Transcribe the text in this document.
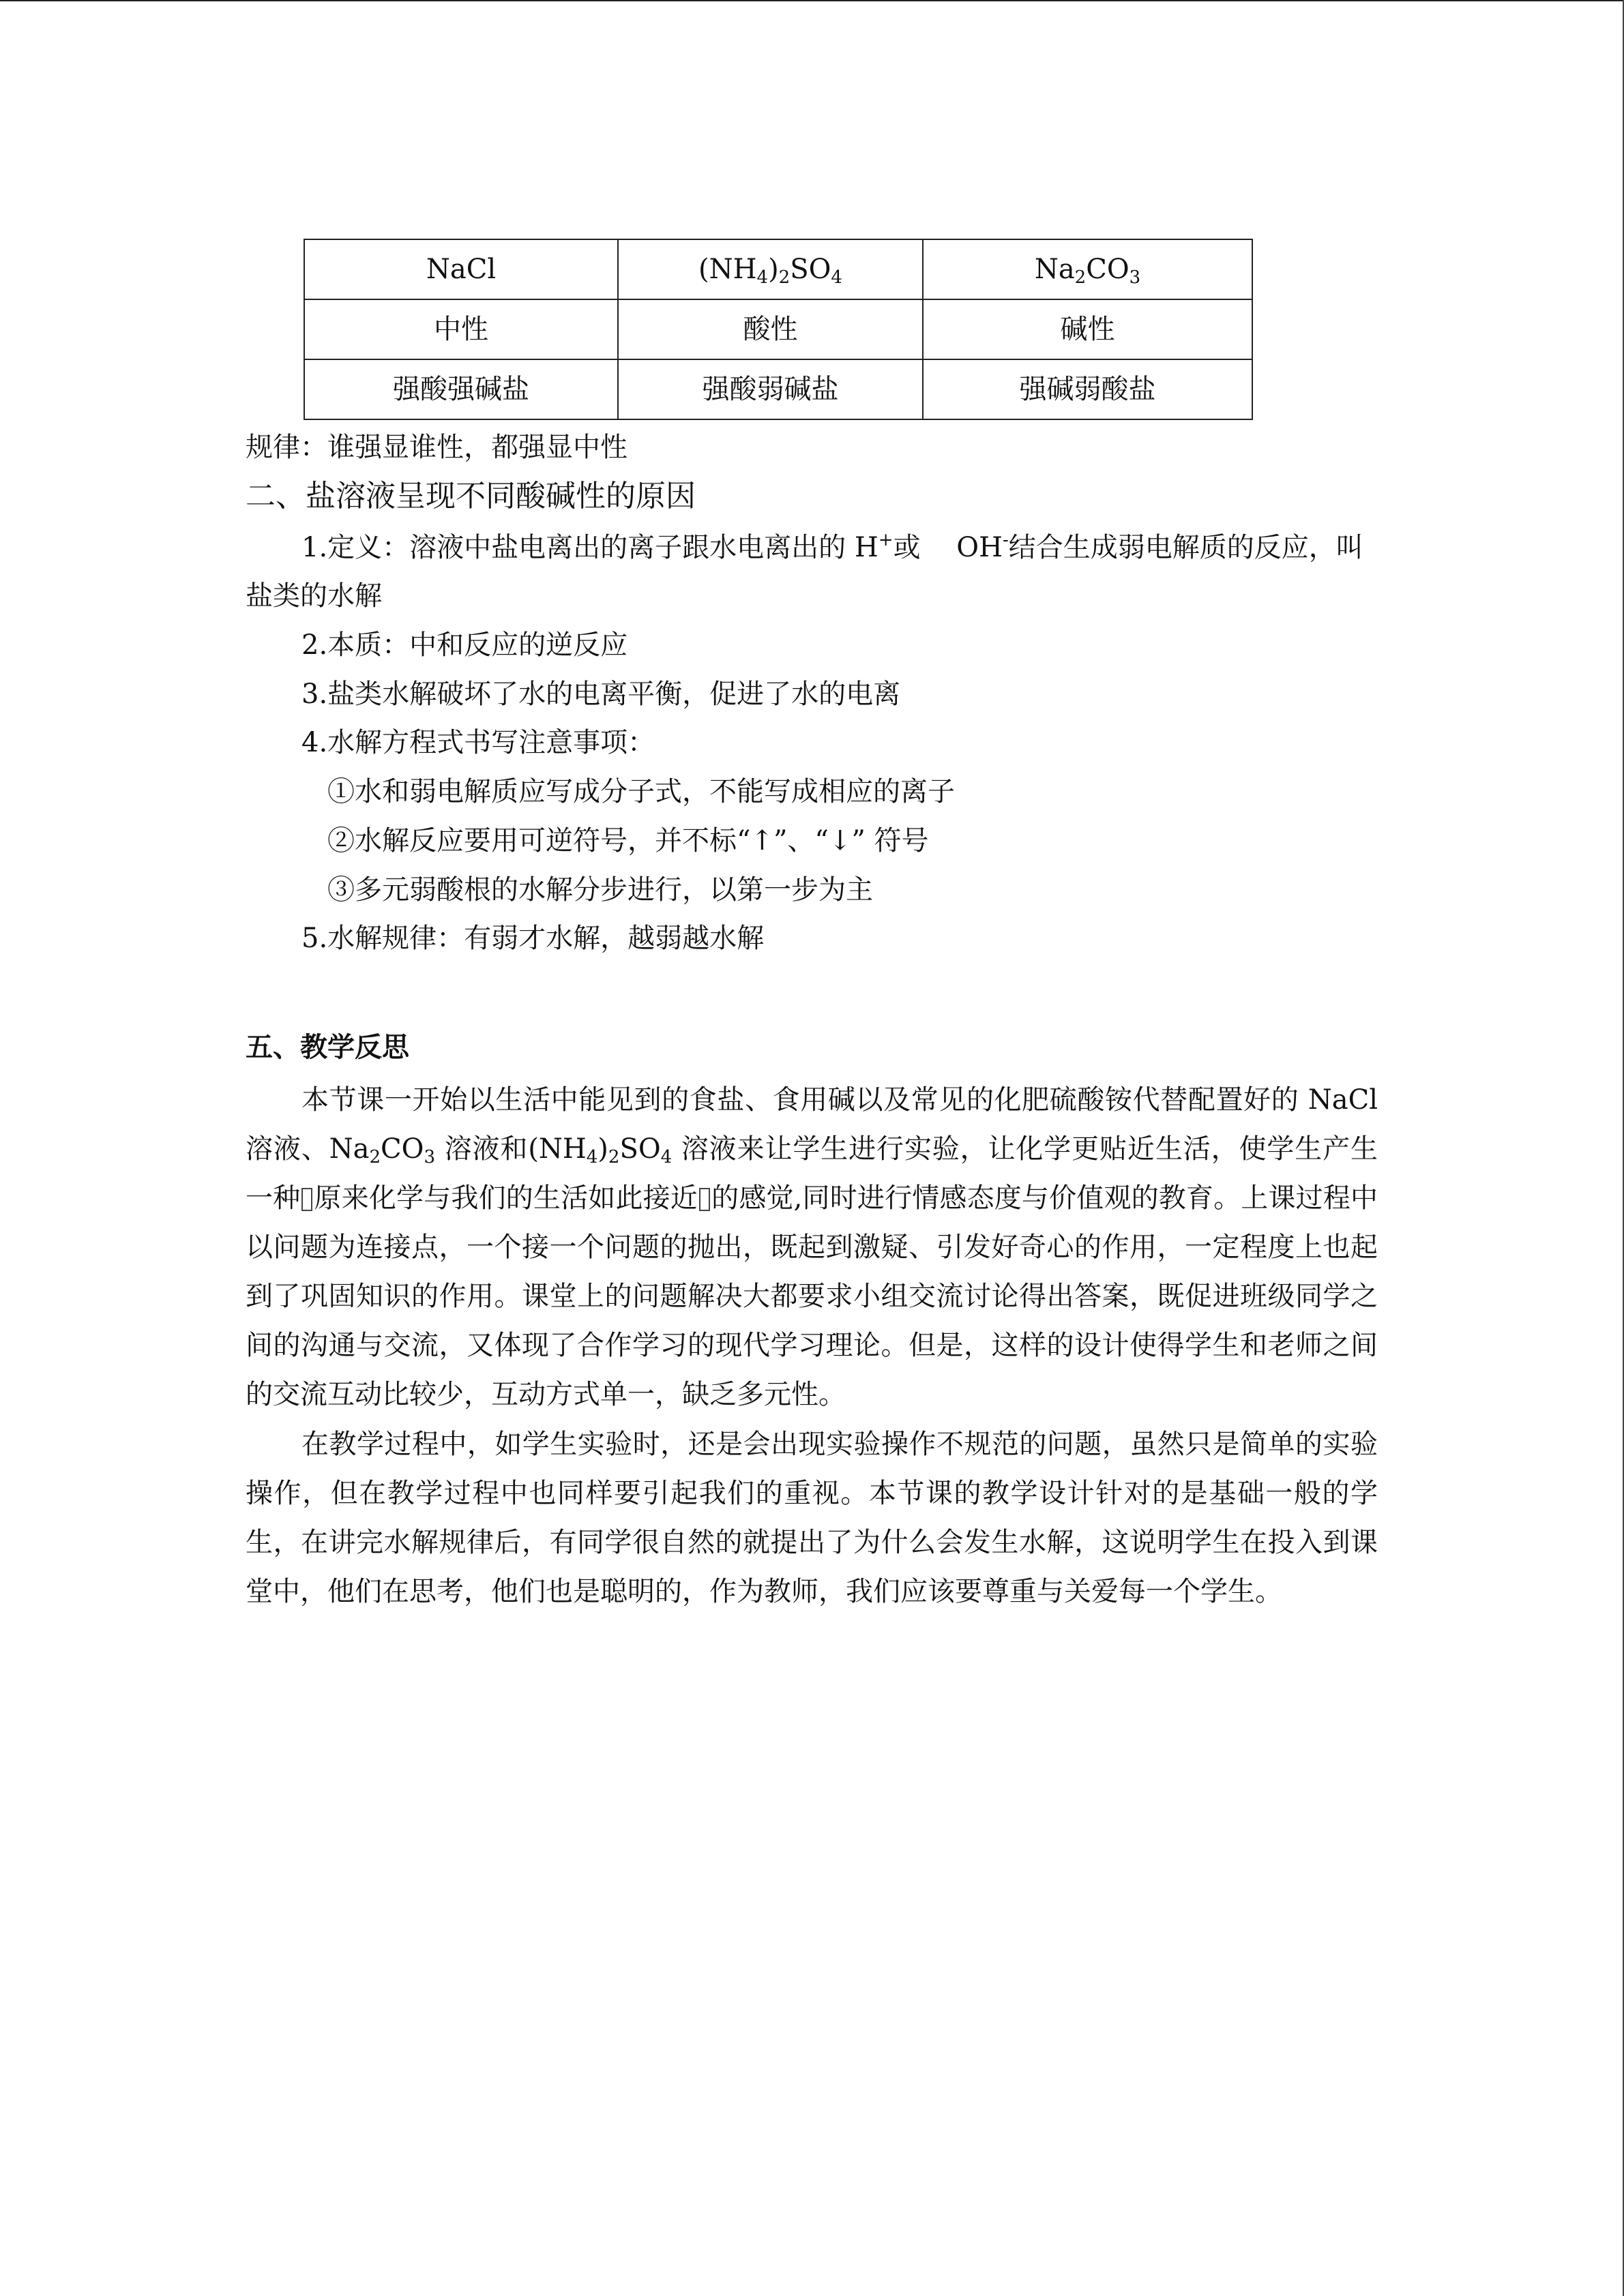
NaCl	$(NH_4)_2SO_4$	$Na_2CO_3$
中性	酸性	碱性
强酸强碱盐	强酸弱碱盐	强碱弱酸盐
规律：谁强显谁性，都强显中性
二、盐溶液呈现不同酸碱性的原因
1.定义：溶液中盐电离出的离子跟水电离出的 H+或　 OH-结合生成弱电解质的反应，叫
盐类的水解
2.本质：中和反应的逆反应
3.盐类水解破坏了水的电离平衡，促进了水的电离
4.水解方程式书写注意事项：
①水和弱电解质应写成分子式，不能写成相应的离子
②水解反应要用可逆符号，并不标“↑”、“↓” 符号
③多元弱酸根的水解分步进行，以第一步为主
5.水解规律：有弱才水解，越弱越水解
五、教学反思
本节课一开始以生活中能见到的食盐、食用碱以及常见的化肥硫酸铵代替配置好的 NaCl 溶液、$Na_2CO_3$ 溶液和$(NH_4)_2SO_4$ 溶液来让学生进行实验，让化学更贴近生活，使学生产生一种 原来化学与我们的生活如此接近 的感觉,同时进行情感态度与价值观的教育。上课过程中以问题为连接点，一个接一个问题的抛出，既起到激疑、引发好奇心的作用，一定程度上也起到了巩固知识的作用。课堂上的问题解决大都要求小组交流讨论得出答案，既促进班级同学之间的沟通与交流，又体现了合作学习的现代学习理论。但是，这样的设计使得学生和老师之间的交流互动比较少，互动方式单一，缺乏多元性。
在教学过程中，如学生实验时，还是会出现实验操作不规范的问题，虽然只是简单的实验操作，但在教学过程中也同样要引起我们的重视。本节课的教学设计针对的是基础一般的学生，在讲完水解规律后，有同学很自然的就提出了为什么会发生水解，这说明学生在投入到课堂中，他们在思考，他们也是聪明的，作为教师，我们应该要尊重与关爱每一个学生。
